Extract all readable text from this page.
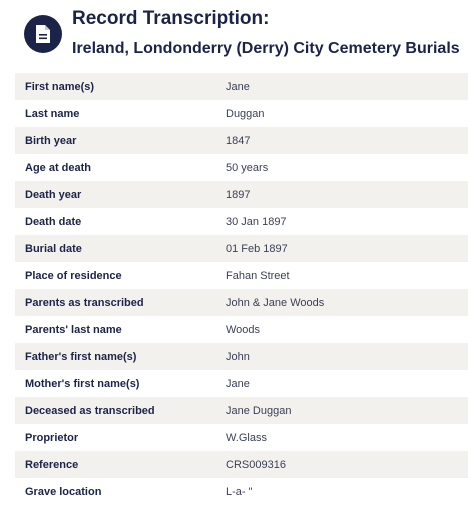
Record Transcription:
Ireland, Londonderry (Derry) City Cemetery Burials
First name(s)	Jane
Last name	Duggan
Birth year	1847
Age at death	50 years
Death year	1897
Death date	30 Jan 1897
Burial date	01 Feb 1897
Place of residence	Fahan Street
Parents as transcribed	John & Jane Woods
Parents' last name	Woods
Father's first name(s)	John
Mother's first name(s)	Jane
Deceased as transcribed	Jane Duggan
Proprietor	W.Glass
Reference	CRS009316
Grave location	L-a- "
